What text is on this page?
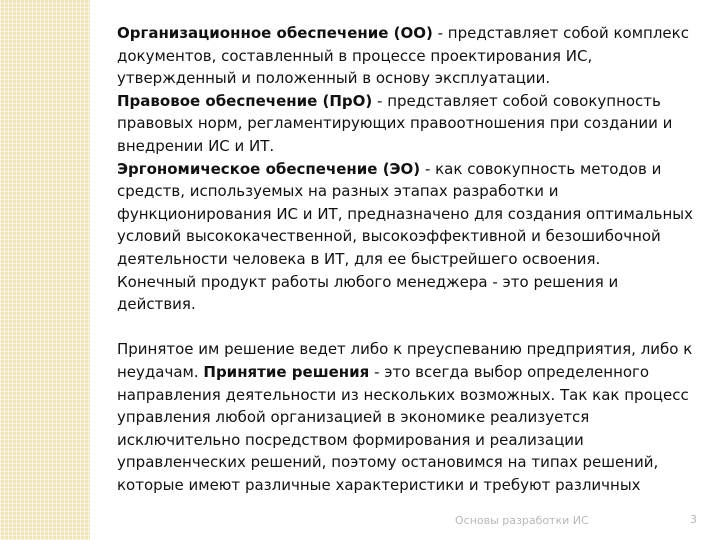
Организационное обеспечение (ОО) - представляет собой комплекс документов, составленный в процессе проектирования ИС, утвержденный и положенный в основу эксплуатации.

Правовое обеспечение (ПрО) - представляет собой совокупность правовых норм, регламентирующих правоотношения при создании и внедрении ИС и ИТ.

Эргономическое обеспечение (ЭО) - как совокупность методов и средств, используемых на разных этапах разработки и функционирования ИС и ИТ, предназначено для создания оптимальных условий высококачественной, высокоэффективной и безошибочной деятельности человека в ИТ, для ее быстрейшего освоения.

Конечный продукт работы любого менеджера - это решения и действия.

Принятое им решение ведет либо к преуспеванию предприятия, либо к неудачам. Принятие решения - это всегда выбор определенного направления деятельности из нескольких возможных. Так как процесс управления любой организацией в экономике реализуется исключительно посредством формирования и реализации управленческих решений, поэтому остановимся на типах решений, которые имеют различные характеристики и требуют различных

Основы разработки ИС	3
